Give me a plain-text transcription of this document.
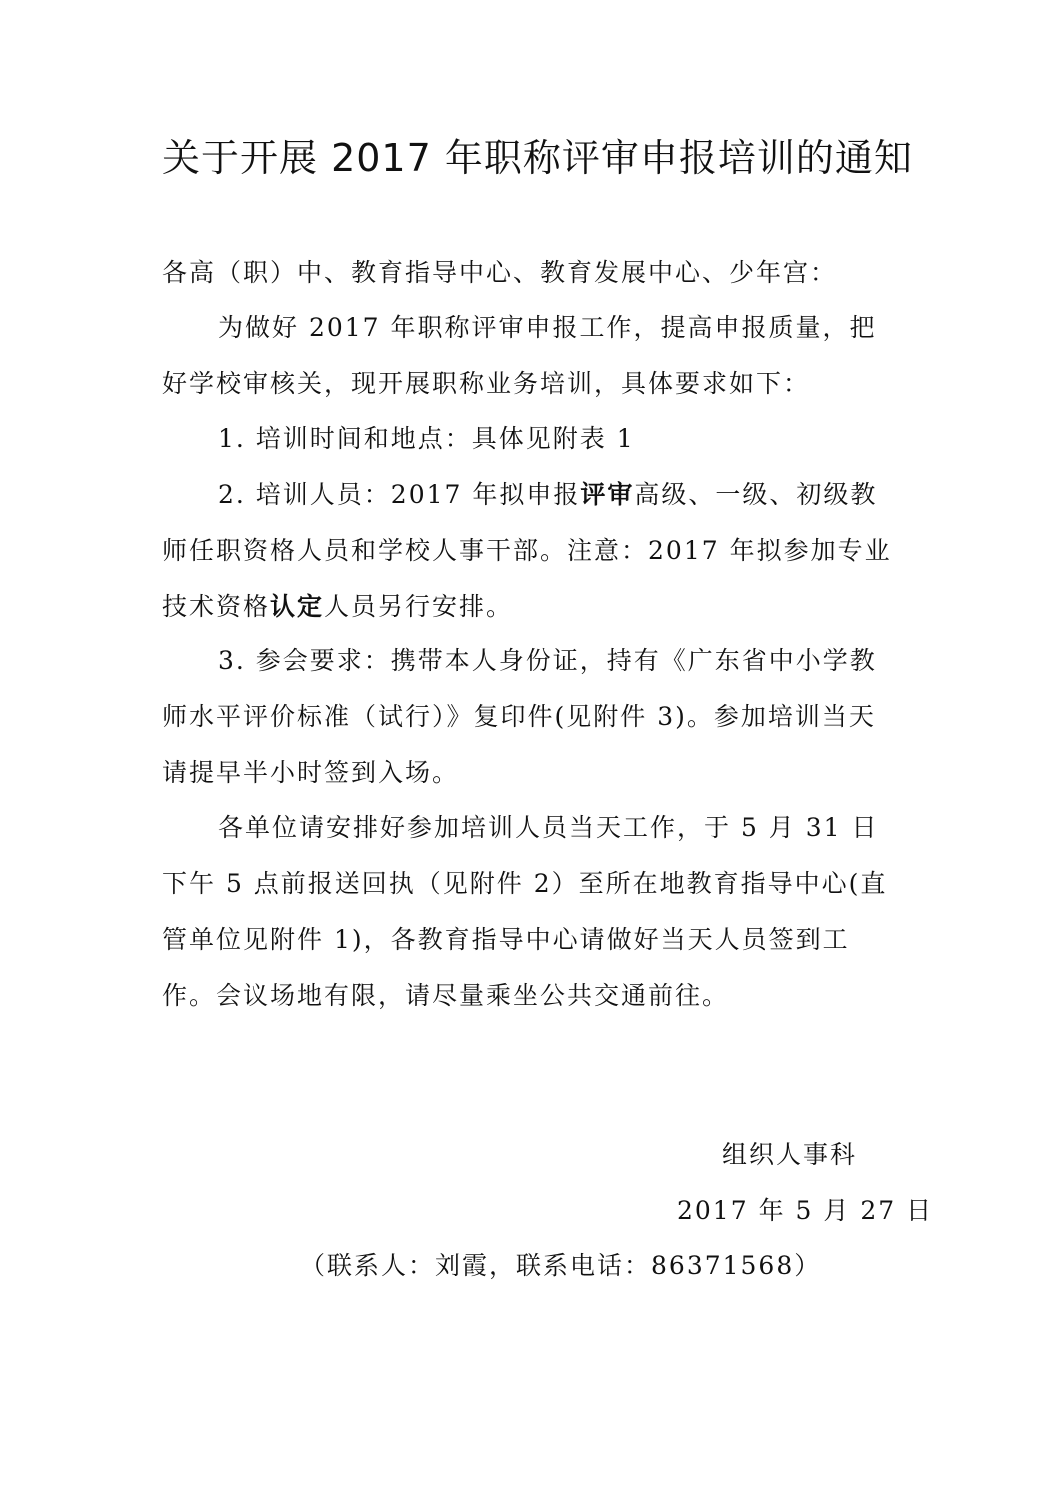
关于开展 2017 年职称评审申报培训的通知

各高（职）中、教育指导中心、教育发展中心、少年宫：

为做好 2017 年职称评审申报工作，提高申报质量，把好学校审核关，现开展职称业务培训，具体要求如下：

1. 培训时间和地点：具体见附表 1

2. 培训人员：2017 年拟申报评审高级、一级、初级教师任职资格人员和学校人事干部。注意：2017 年拟参加专业技术资格认定人员另行安排。

3. 参会要求：携带本人身份证，持有《广东省中小学教师水平评价标准（试行）》复印件(见附件 3)。参加培训当天请提早半小时签到入场。

各单位请安排好参加培训人员当天工作，于 5 月 31 日下午 5 点前报送回执（见附件 2）至所在地教育指导中心(直管单位见附件 1)，各教育指导中心请做好当天人员签到工作。会议场地有限，请尽量乘坐公共交通前往。

组织人事科

2017 年 5 月 27 日

（联系人：刘霞，联系电话：86371568）
